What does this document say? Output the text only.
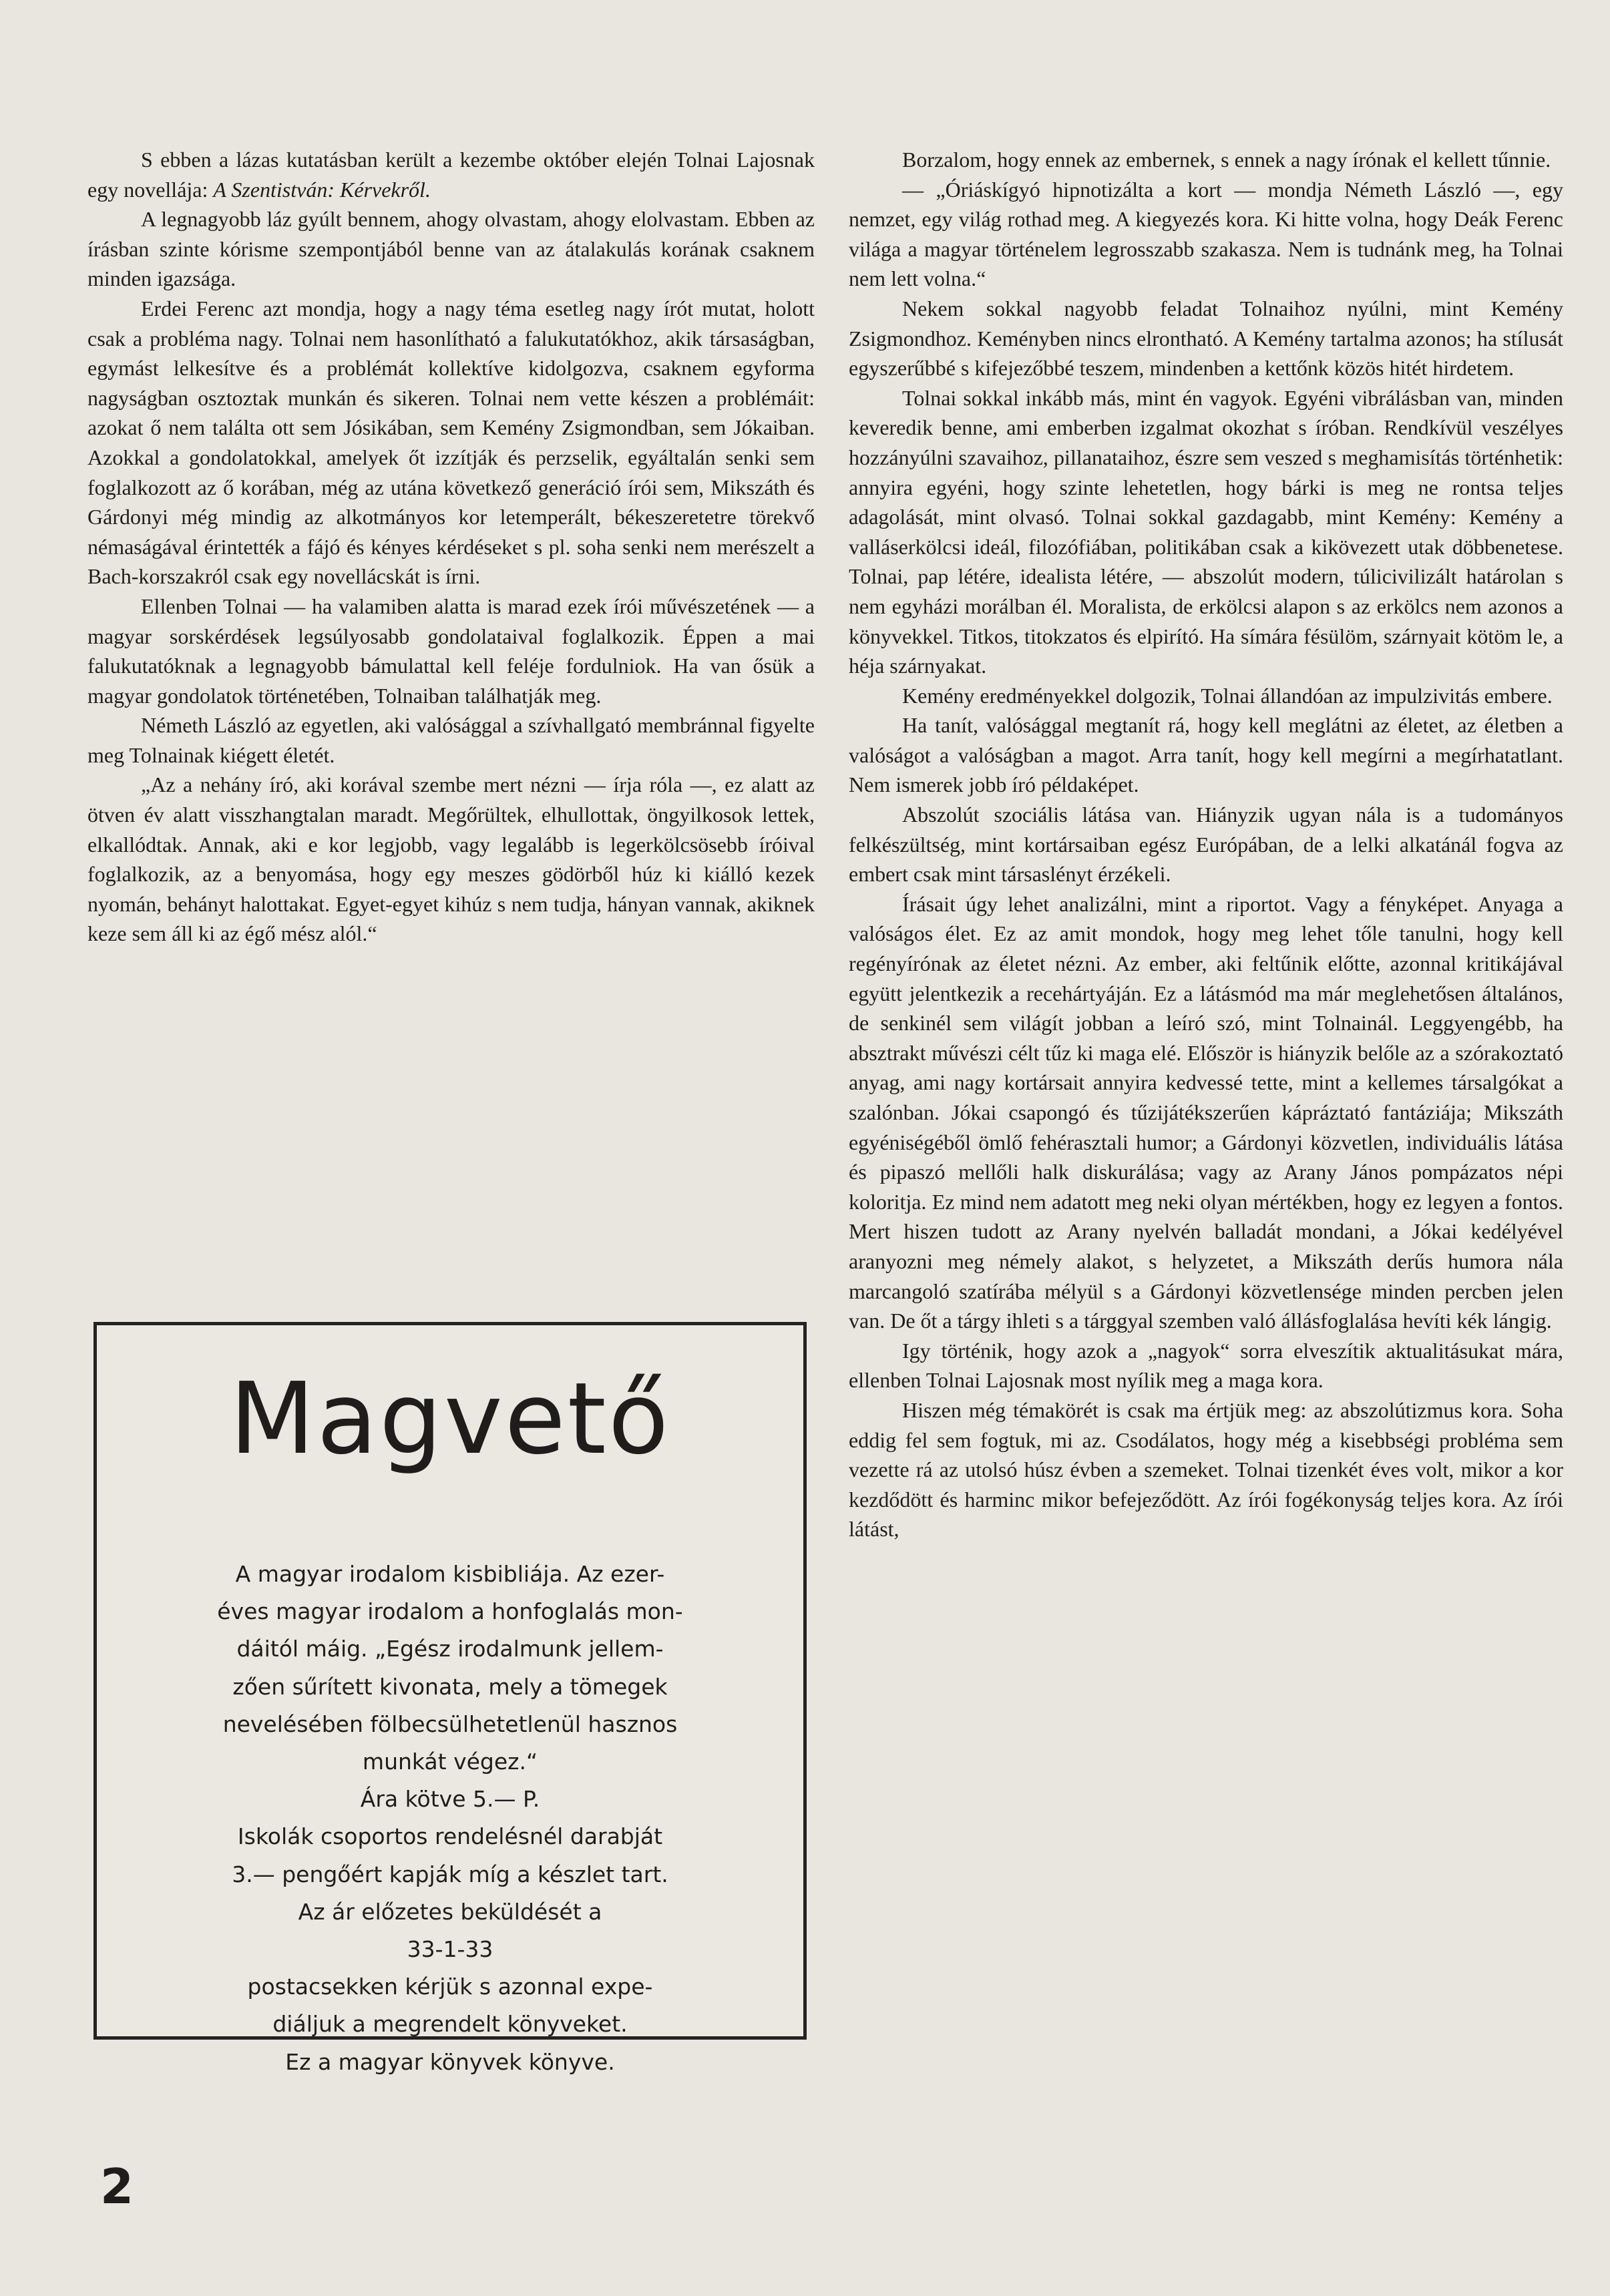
S ebben a lázas kutatásban került a kezembe október elején Tolnai Lajosnak egy novellája: A Szentistván: Kérvekről.

A legnagyobb láz gyúlt bennem, ahogy olvastam, ahogy elolvastam. Ebben az írásban szinte kórisme szempontjából benne van az átalakulás korának csaknem minden igazsága.

Erdei Ferenc azt mondja, hogy a nagy téma esetleg nagy írót mutat, holott csak a probléma nagy. Tolnai nem hasonlítható a falukutatókhoz, akik társaságban, egymást lelkesítve és a problémát kollektíve kidolgozva, csaknem egyforma nagyságban osztoztak munkán és sikeren. Tolnai nem vette készen a problémáit: azokat ő nem találta ott sem Jósikában, sem Kemény Zsigmondban, sem Jókaiban. Azokkal a gondolatokkal, amelyek őt izzítják és perzselik, egyáltalán senki sem foglalkozott az ő korában, még az utána következő generáció írói sem, Mikszáth és Gárdonyi még mindig az alkotmányos kor letemperált, békeszeretetre törekvő némaságával érintették a fájó és kényes kérdéseket s pl. soha senki nem merészelt a Bach-korszakról csak egy novellácskát is írni.

Ellenben Tolnai — ha valamiben alatta is marad ezek írói művészetének — a magyar sorskérdések legsúlyosabb gondolataival foglalkozik. Éppen a mai falukutatóknak a legnagyobb bámulattal kell feléje fordulniok. Ha van ősük a magyar gondolatok történetében, Tolnaiban találhatják meg.

Németh László az egyetlen, aki valósággal a szívhallgató membránnal figyelte meg Tolnainak kiégett életét.

„Az a nehány író, aki korával szembe mert nézni — írja róla —, ez alatt az ötven év alatt visszhangtalan maradt. Megőrültek, elhullottak, öngyilkosok lettek, elkallódtak. Annak, aki e kor legjobb, vagy legalább is legerkölcsösebb íróival foglalkozik, az a benyomása, hogy egy meszes gödörből húz ki kiálló kezek nyomán, behányt halottakat. Egyet-egyet kihúz s nem tudja, hányan vannak, akiknek keze sem áll ki az égő mész alól.“

Magvető
A magyar irodalom kisbibliája. Az ezer-
éves magyar irodalom a honfoglalás mon-
dáitól máig. „Egész irodalmunk jellem-
zően sűrített kivonata, mely a tömegek
nevelésében fölbecsülhetetlenül hasznos
munkát végez.“
Ára kötve 5.— P.
Iskolák csoportos rendelésnél darabját
3.— pengőért kapják míg a készlet tart.
Az ár előzetes beküldését a
33-1-33
postacsekken kérjük s azonnal expe-
diáljuk a megrendelt könyveket.
Ez a magyar könyvek könyve.

Borzalom, hogy ennek az embernek, s ennek a nagy írónak el kellett tűnnie.

— „Óriáskígyó hipnotizálta a kort — mondja Németh László —, egy nemzet, egy világ rothad meg. A kiegyezés kora. Ki hitte volna, hogy Deák Ferenc világa a magyar történelem legrosszabb szakasza. Nem is tudnánk meg, ha Tolnai nem lett volna.“

Nekem sokkal nagyobb feladat Tolnaihoz nyúlni, mint Kemény Zsigmondhoz. Keményben nincs elrontható. A Kemény tartalma azonos; ha stílusát egyszerűbbé s kifejezőbbé teszem, mindenben a kettőnk közös hitét hirdetem.

Tolnai sokkal inkább más, mint én vagyok. Egyéni vibrálásban van, minden keveredik benne, ami emberben izgalmat okozhat s íróban. Rendkívül veszélyes hozzányúlni szavaihoz, pillanataihoz, észre sem veszed s meghamisítás történhetik: annyira egyéni, hogy szinte lehetetlen, hogy bárki is meg ne rontsa teljes adagolását, mint olvasó. Tolnai sokkal gazdagabb, mint Kemény: Kemény a valláserkölcsi ideál, filozófiában, politikában csak a kikövezett utak döbbenetese. Tolnai, pap létére, idealista létére, — abszolút modern, túlicivilizált határolan s nem egyházi morálban él. Moralista, de erkölcsi alapon s az erkölcs nem azonos a könyvekkel. Titkos, titokzatos és elpirító. Ha símára fésülöm, szárnyait kötöm le, a héja szárnyakat.

Kemény eredményekkel dolgozik, Tolnai állandóan az impulzivitás embere.

Ha tanít, valósággal megtanít rá, hogy kell meglátni az életet, az életben a valóságot a valóságban a magot. Arra tanít, hogy kell megírni a megírhatatlant. Nem ismerek jobb író példaképet.

Abszolút szociális látása van. Hiányzik ugyan nála is a tudományos felkészültség, mint kortársaiban egész Európában, de a lelki alkatánál fogva az embert csak mint társaslényt érzékeli.

Írásait úgy lehet analizálni, mint a riportot. Vagy a fényképet. Anyaga a valóságos élet. Ez az amit mondok, hogy meg lehet tőle tanulni, hogy kell regényírónak az életet nézni. Az ember, aki feltűnik előtte, azonnal kritikájával együtt jelentkezik a recehártyáján. Ez a látásmód ma már meglehetősen általános, de senkinél sem világít jobban a leíró szó, mint Tolnainál. Leggyengébb, ha absztrakt művészi célt tűz ki maga elé. Először is hiányzik belőle az a szórakoztató anyag, ami nagy kortársait annyira kedvessé tette, mint a kellemes társalgókat a szalónban. Jókai csapongó és tűzijátékszerűen kápráztató fantáziája; Mikszáth egyéniségéből ömlő fehérasztali humor; a Gárdonyi közvetlen, individuális látása és pipaszó mellőli halk diskurálása; vagy az Arany János pompázatos népi koloritja. Ez mind nem adatott meg neki olyan mértékben, hogy ez legyen a fontos. Mert hiszen tudott az Arany nyelvén balladát mondani, a Jókai kedélyével aranyozni meg némely alakot, s helyzetet, a Mikszáth derűs humora nála marcangoló szatírába mélyül s a Gárdonyi közvetlensége minden percben jelen van. De őt a tárgy ihleti s a tárggyal szemben való állásfoglalása hevíti kék lángig.

Igy történik, hogy azok a „nagyok“ sorra elveszítik aktualitásukat mára, ellenben Tolnai Lajosnak most nyílik meg a maga kora.

Hiszen még témakörét is csak ma értjük meg: az abszolútizmus kora. Soha eddig fel sem fogtuk, mi az. Csodálatos, hogy még a kisebbségi probléma sem vezette rá az utolsó húsz évben a szemeket. Tolnai tizenkét éves volt, mikor a kor kezdődött és harminc mikor befejeződött. Az írói fogékonyság teljes kora. Az írói látást,

2
